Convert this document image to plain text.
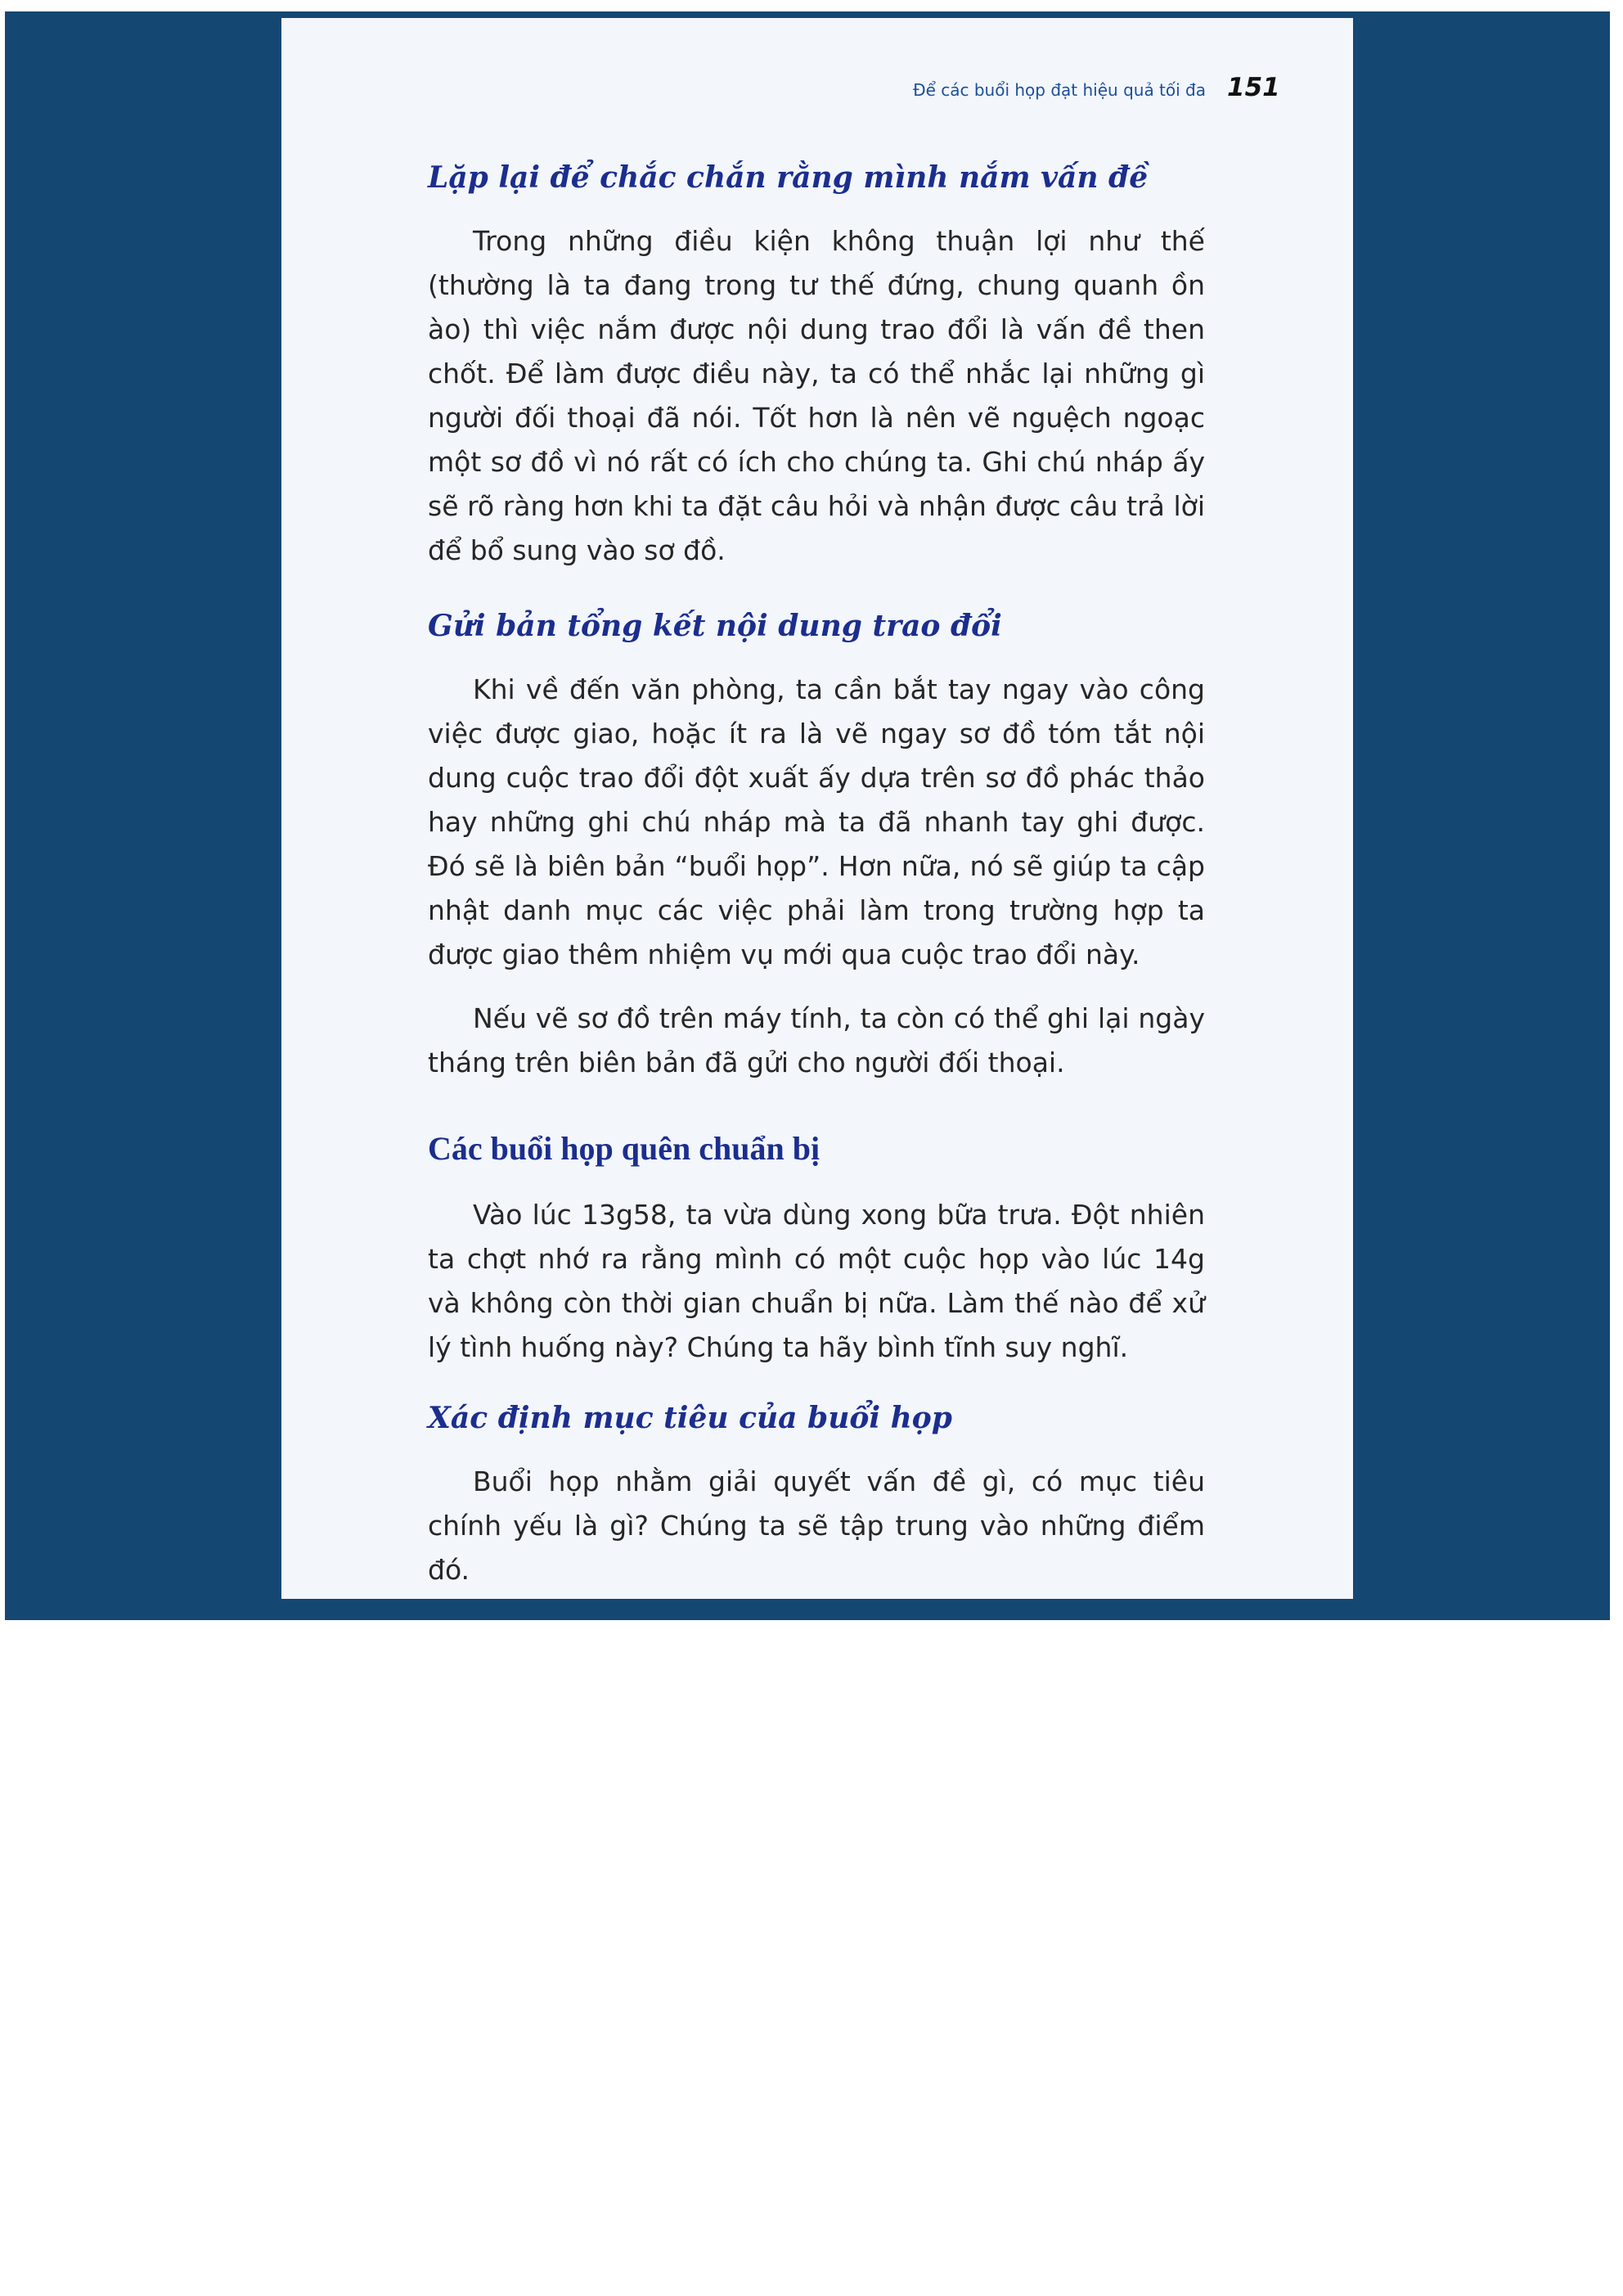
Để các buổi họp đạt hiệu quả tối đa 151
Lặp lại để chắc chắn rằng mình nắm vấn đề

Trong những điều kiện không thuận lợi như thế (thường là ta đang trong tư thế đứng, chung quanh ồn ào) thì việc nắm được nội dung trao đổi là vấn đề then chốt. Để làm được điều này, ta có thể nhắc lại những gì người đối thoại đã nói. Tốt hơn là nên vẽ nguệch ngoạc một sơ đồ vì nó rất có ích cho chúng ta. Ghi chú nháp ấy sẽ rõ ràng hơn khi ta đặt câu hỏi và nhận được câu trả lời để bổ sung vào sơ đồ.

Gửi bản tổng kết nội dung trao đổi

Khi về đến văn phòng, ta cần bắt tay ngay vào công việc được giao, hoặc ít ra là vẽ ngay sơ đồ tóm tắt nội dung cuộc trao đổi đột xuất ấy dựa trên sơ đồ phác thảo hay những ghi chú nháp mà ta đã nhanh tay ghi được. Đó sẽ là biên bản “buổi họp”. Hơn nữa, nó sẽ giúp ta cập nhật danh mục các việc phải làm trong trường hợp ta được giao thêm nhiệm vụ mới qua cuộc trao đổi này.

Nếu vẽ sơ đồ trên máy tính, ta còn có thể ghi lại ngày tháng trên biên bản đã gửi cho người đối thoại.

Các buổi họp quên chuẩn bị

Vào lúc 13g58, ta vừa dùng xong bữa trưa. Đột nhiên ta chợt nhớ ra rằng mình có một cuộc họp vào lúc 14g và không còn thời gian chuẩn bị nữa. Làm thế nào để xử lý tình huống này? Chúng ta hãy bình tĩnh suy nghĩ.

Xác định mục tiêu của buổi họp

Buổi họp nhằm giải quyết vấn đề gì, có mục tiêu chính yếu là gì? Chúng ta sẽ tập trung vào những điểm đó.
